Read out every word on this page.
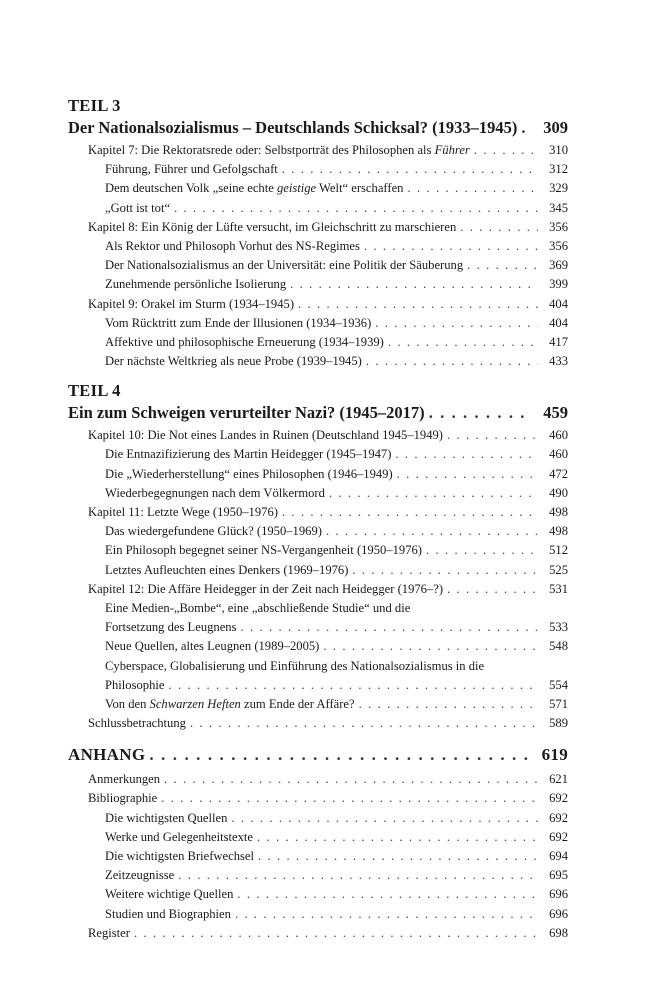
TEIL 3
Der Nationalsozialismus – Deutschlands Schicksal? (1933–1945) . . .	309
Kapitel 7: Die Rektoratsrede oder: Selbstporträt des Philosophen als Führer . . .	310
Führung, Führer und Gefolgschaft . . .	312
Dem deutschen Volk „seine echte geistige Welt“ erschaffen . . .	329
„Gott ist tot“ . . .	345
Kapitel 8: Ein König der Lüfte versucht, im Gleichschritt zu marschieren . . .	356
Als Rektor und Philosoph Vorhut des NS-Regimes . . .	356
Der Nationalsozialismus an der Universität: eine Politik der Säuberung . . .	369
Zunehmende persönliche Isolierung . . .	399
Kapitel 9: Orakel im Sturm (1934–1945) . . .	404
Vom Rücktritt zum Ende der Illusionen (1934–1936) . . .	404
Affektive und philosophische Erneuerung (1934–1939) . . .	417
Der nächste Weltkrieg als neue Probe (1939–1945) . . .	433
TEIL 4
Ein zum Schweigen verurteilter Nazi? (1945–2017) . . .	459
Kapitel 10: Die Not eines Landes in Ruinen (Deutschland 1945–1949) . . .	460
Die Entnazifizierung des Martin Heidegger (1945–1947) . . .	460
Die „Wiederherstellung“ eines Philosophen (1946–1949) . . .	472
Wiederbegegnungen nach dem Völkermord . . .	490
Kapitel 11: Letzte Wege (1950–1976) . . .	498
Das wiedergefundene Glück? (1950–1969) . . .	498
Ein Philosoph begegnet seiner NS-Vergangenheit (1950–1976) . . .	512
Letztes Aufleuchten eines Denkers (1969–1976) . . .	525
Kapitel 12: Die Affäre Heidegger in der Zeit nach Heidegger (1976–?) . . .	531
Eine Medien-„Bombe“, eine „abschließende Studie“ und die
Fortsetzung des Leugnens . . .	533
Neue Quellen, altes Leugnen (1989–2005) . . .	548
Cyberspace, Globalisierung und Einführung des Nationalsozialismus in die
Philosophie . . .	554
Von den Schwarzen Heften zum Ende der Affäre? . . .	571
Schlussbetrachtung . . .	589
ANHANG . . .	619
Anmerkungen . . .	621
Bibliographie . . .	692
Die wichtigsten Quellen . . .	692
Werke und Gelegenheitstexte . . .	692
Die wichtigsten Briefwechsel . . .	694
Zeitzeugnisse . . .	695
Weitere wichtige Quellen . . .	696
Studien und Biographien . . .	696
Register . . .	698
